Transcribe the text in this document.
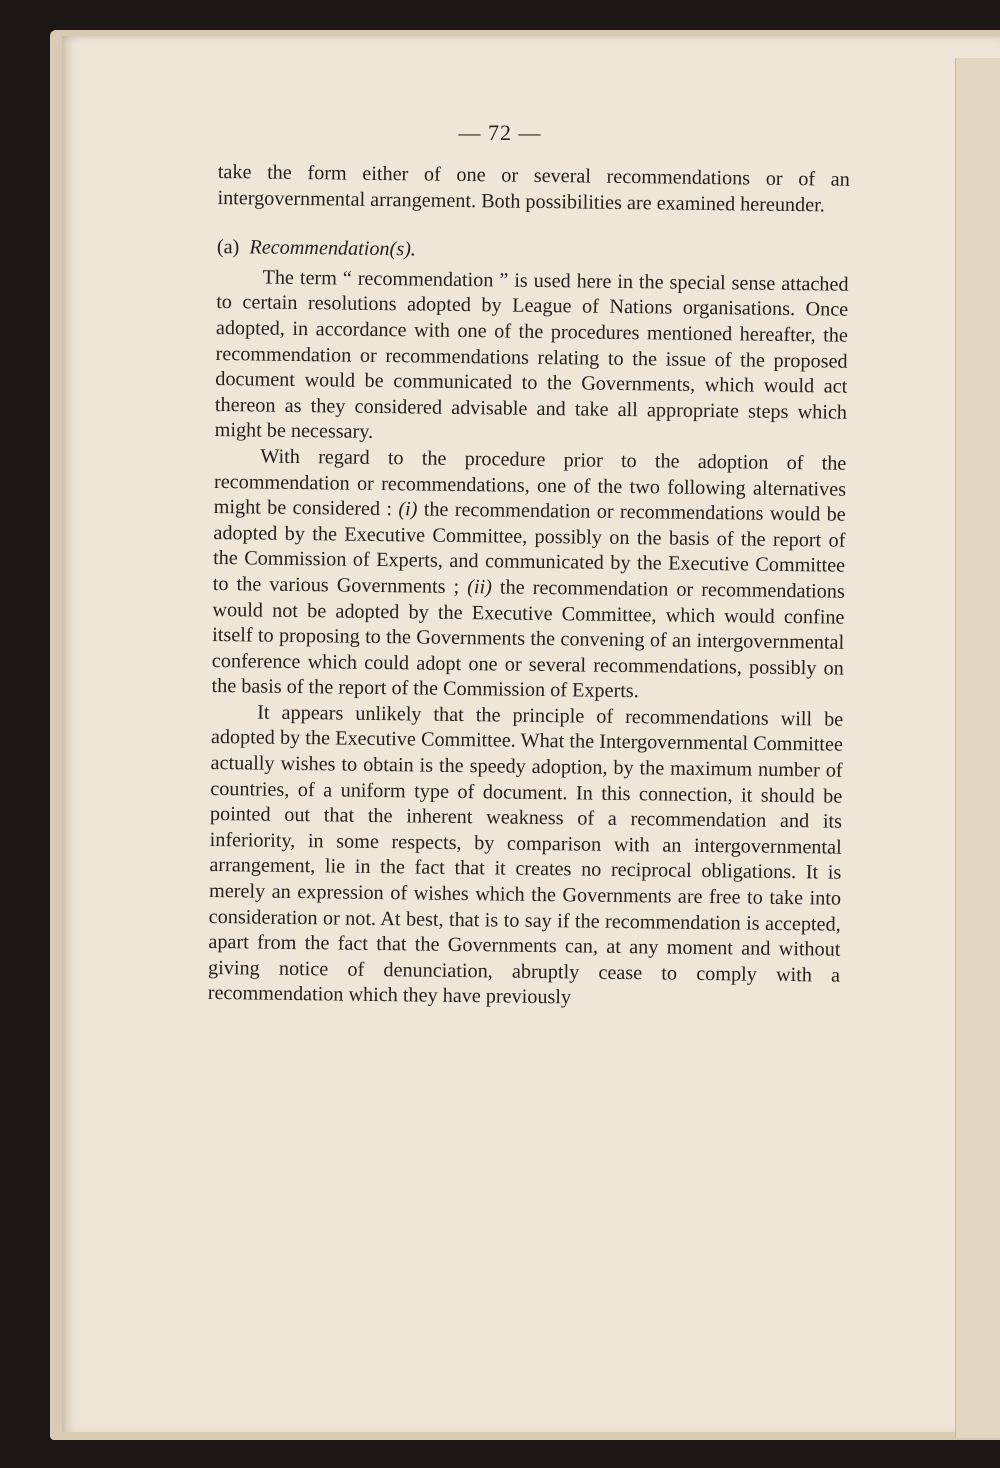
— 72 —

take the form either of one or several recommendations or of an intergovernmental arrangement. Both possibilities are examined hereunder.

(a) Recommendation(s).

The term “ recommendation ” is used here in the special sense attached to certain resolutions adopted by League of Nations organisations. Once adopted, in accordance with one of the procedures mentioned hereafter, the recommendation or recommendations relating to the issue of the proposed document would be communicated to the Governments, which would act thereon as they considered advisable and take all appropriate steps which might be necessary.

With regard to the procedure prior to the adoption of the recommendation or recommendations, one of the two following alternatives might be considered : (i) the recommendation or recommendations would be adopted by the Executive Committee, possibly on the basis of the report of the Commission of Experts, and communicated by the Executive Committee to the various Governments ; (ii) the recommendation or recommendations would not be adopted by the Executive Committee, which would confine itself to proposing to the Governments the convening of an intergovernmental conference which could adopt one or several recommendations, possibly on the basis of the report of the Commission of Experts.

It appears unlikely that the principle of recommendations will be adopted by the Executive Committee. What the Intergovernmental Committee actually wishes to obtain is the speedy adoption, by the maximum number of countries, of a uniform type of document. In this connection, it should be pointed out that the inherent weakness of a recommendation and its inferiority, in some respects, by comparison with an intergovernmental arrangement, lie in the fact that it creates no reciprocal obligations. It is merely an expression of wishes which the Governments are free to take into consideration or not. At best, that is to say if the recommendation is accepted, apart from the fact that the Governments can, at any moment and without giving notice of denunciation, abruptly cease to comply with a recommendation which they have previously
